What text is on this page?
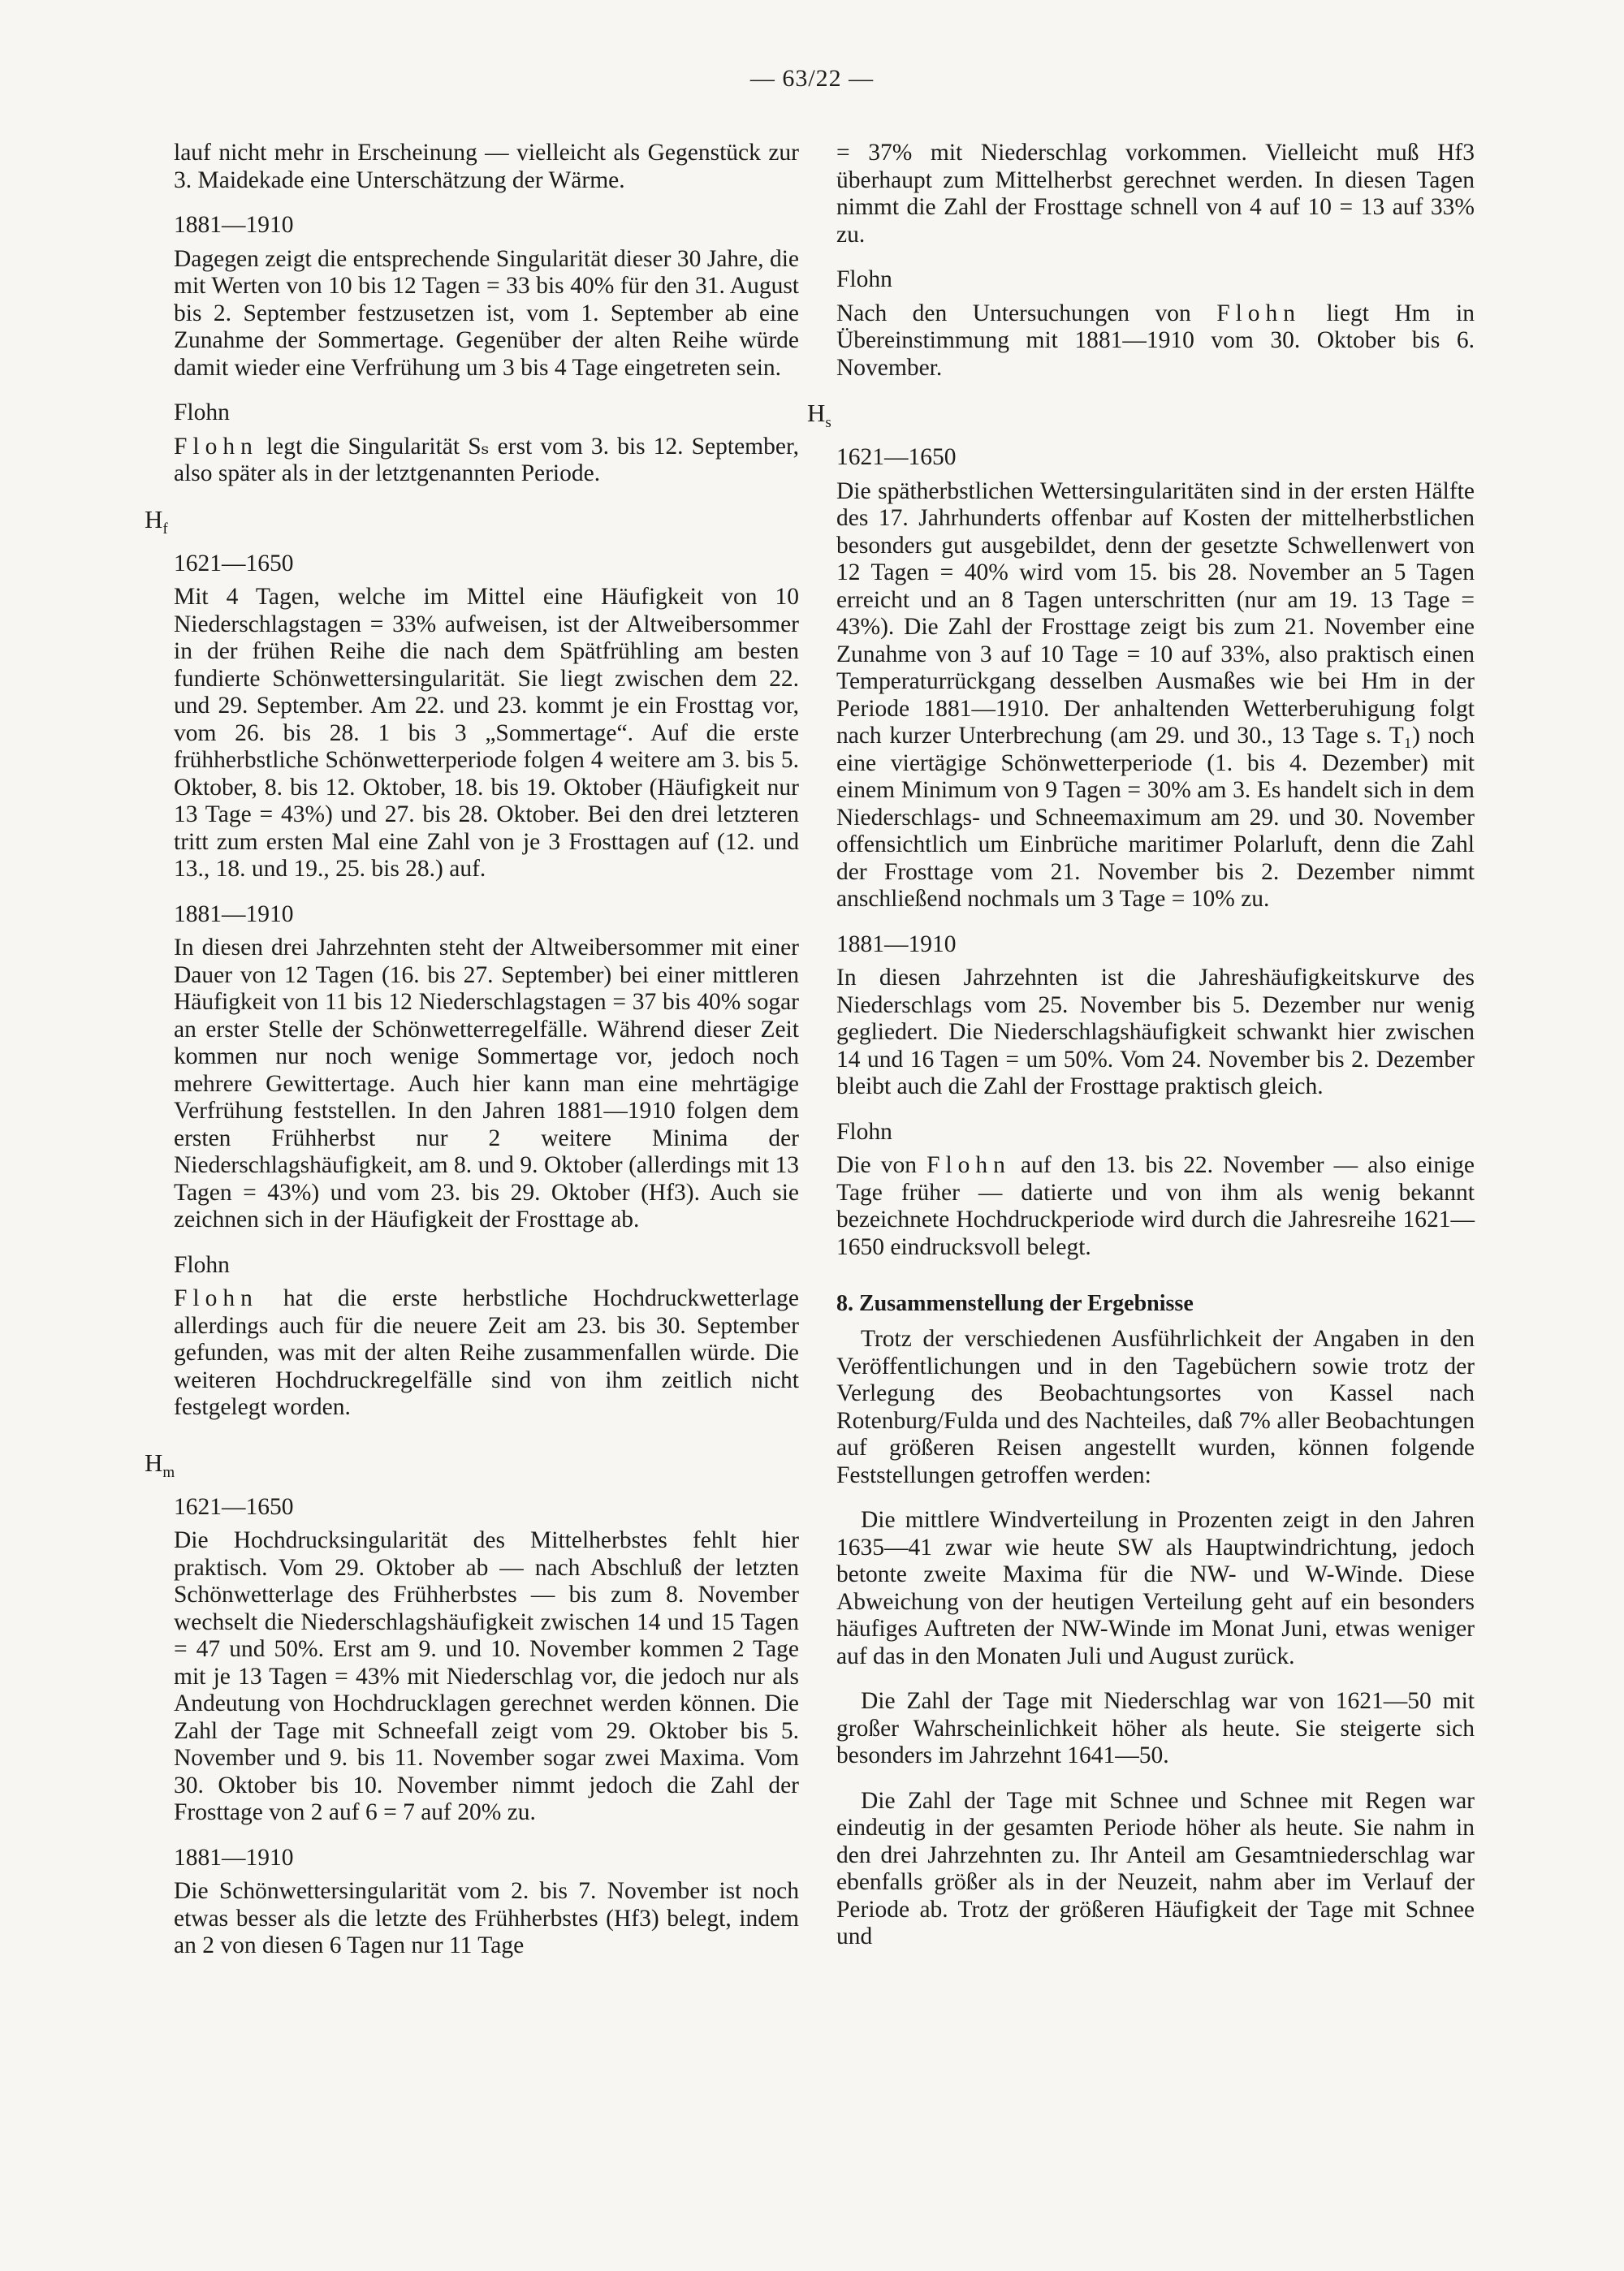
— 63/22 —

lauf nicht mehr in Erscheinung — vielleicht als Gegenstück zur 3. Maidekade eine Unterschätzung der Wärme.

1881—1910

Dagegen zeigt die entsprechende Singularität dieser 30 Jahre, die mit Werten von 10 bis 12 Tagen = 33 bis 40% für den 31. August bis 2. September festzusetzen ist, vom 1. September ab eine Zunahme der Sommertage. Gegenüber der alten Reihe würde damit wieder eine Verfrühung um 3 bis 4 Tage eingetreten sein.

Flohn

Flohn legt die Singularität Sₛ erst vom 3. bis 12. September, also später als in der letztgenannten Periode.

$H_f$
1621—1650

Mit 4 Tagen, welche im Mittel eine Häufigkeit von 10 Niederschlagstagen = 33% aufweisen, ist der Altweibersommer in der frühen Reihe die nach dem Spätfrühling am besten fundierte Schönwettersingularität. Sie liegt zwischen dem 22. und 29. September. Am 22. und 23. kommt je ein Frosttag vor, vom 26. bis 28. 1 bis 3 „Sommertage“. Auf die erste frühherbstliche Schönwetterperiode folgen 4 weitere am 3. bis 5. Oktober, 8. bis 12. Oktober, 18. bis 19. Oktober (Häufigkeit nur 13 Tage = 43%) und 27. bis 28. Oktober. Bei den drei letzteren tritt zum ersten Mal eine Zahl von je 3 Frosttagen auf (12. und 13., 18. und 19., 25. bis 28.) auf.

1881—1910

In diesen drei Jahrzehnten steht der Altweibersommer mit einer Dauer von 12 Tagen (16. bis 27. September) bei einer mittleren Häufigkeit von 11 bis 12 Niederschlagstagen = 37 bis 40% sogar an erster Stelle der Schönwetterregelfälle. Während dieser Zeit kommen nur noch wenige Sommertage vor, jedoch noch mehrere Gewittertage. Auch hier kann man eine mehrtägige Verfrühung feststellen. In den Jahren 1881—1910 folgen dem ersten Frühherbst nur 2 weitere Minima der Niederschlagshäufigkeit, am 8. und 9. Oktober (allerdings mit 13 Tagen = 43%) und vom 23. bis 29. Oktober (Hf3). Auch sie zeichnen sich in der Häufigkeit der Frosttage ab.

Flohn

Flohn hat die erste herbstliche Hochdruckwetterlage allerdings auch für die neuere Zeit am 23. bis 30. September gefunden, was mit der alten Reihe zusammenfallen würde. Die weiteren Hochdruckregelfälle sind von ihm zeitlich nicht festgelegt worden.

$H_m$
1621—1650

Die Hochdrucksingularität des Mittelherbstes fehlt hier praktisch. Vom 29. Oktober ab — nach Abschluß der letzten Schönwetterlage des Frühherbstes — bis zum 8. November wechselt die Niederschlagshäufigkeit zwischen 14 und 15 Tagen = 47 und 50%. Erst am 9. und 10. November kommen 2 Tage mit je 13 Tagen = 43% mit Niederschlag vor, die jedoch nur als Andeutung von Hochdrucklagen gerechnet werden können. Die Zahl der Tage mit Schneefall zeigt vom 29. Oktober bis 5. November und 9. bis 11. November sogar zwei Maxima. Vom 30. Oktober bis 10. November nimmt jedoch die Zahl der Frosttage von 2 auf 6 = 7 auf 20% zu.

1881—1910

Die Schönwettersingularität vom 2. bis 7. November ist noch etwas besser als die letzte des Frühherbstes (Hf3) belegt, indem an 2 von diesen 6 Tagen nur 11 Tage

= 37% mit Niederschlag vorkommen. Vielleicht muß Hf3 überhaupt zum Mittelherbst gerechnet werden. In diesen Tagen nimmt die Zahl der Frosttage schnell von 4 auf 10 = 13 auf 33% zu.

Flohn

Nach den Untersuchungen von Flohn liegt Hm in Übereinstimmung mit 1881—1910 vom 30. Oktober bis 6. November.

$H_s$
1621—1650

Die spätherbstlichen Wettersingularitäten sind in der ersten Hälfte des 17. Jahrhunderts offenbar auf Kosten der mittelherbstlichen besonders gut ausgebildet, denn der gesetzte Schwellenwert von 12 Tagen = 40% wird vom 15. bis 28. November an 5 Tagen erreicht und an 8 Tagen unterschritten (nur am 19. 13 Tage = 43%). Die Zahl der Frosttage zeigt bis zum 21. November eine Zunahme von 3 auf 10 Tage = 10 auf 33%, also praktisch einen Temperaturrückgang desselben Ausmaßes wie bei Hm in der Periode 1881—1910. Der anhaltenden Wetterberuhigung folgt nach kurzer Unterbrechung (am 29. und 30., 13 Tage s. T₁) noch eine viertägige Schönwetterperiode (1. bis 4. Dezember) mit einem Minimum von 9 Tagen = 30% am 3. Es handelt sich in dem Niederschlags- und Schneemaximum am 29. und 30. November offensichtlich um Einbrüche maritimer Polarluft, denn die Zahl der Frosttage vom 21. November bis 2. Dezember nimmt anschließend nochmals um 3 Tage = 10% zu.

1881—1910

In diesen Jahrzehnten ist die Jahreshäufigkeitskurve des Niederschlags vom 25. November bis 5. Dezember nur wenig gegliedert. Die Niederschlagshäufigkeit schwankt hier zwischen 14 und 16 Tagen = um 50%. Vom 24. November bis 2. Dezember bleibt auch die Zahl der Frosttage praktisch gleich.

Flohn

Die von Flohn auf den 13. bis 22. November — also einige Tage früher — datierte und von ihm als wenig bekannt bezeichnete Hochdruckperiode wird durch die Jahresreihe 1621—1650 eindrucksvoll belegt.

8. Zusammenstellung der Ergebnisse

Trotz der verschiedenen Ausführlichkeit der Angaben in den Veröffentlichungen und in den Tagebüchern sowie trotz der Verlegung des Beobachtungsortes von Kassel nach Rotenburg/Fulda und des Nachteiles, daß 7% aller Beobachtungen auf größeren Reisen angestellt wurden, können folgende Feststellungen getroffen werden:

Die mittlere Windverteilung in Prozenten zeigt in den Jahren 1635—41 zwar wie heute SW als Hauptwindrichtung, jedoch betonte zweite Maxima für die NW- und W-Winde. Diese Abweichung von der heutigen Verteilung geht auf ein besonders häufiges Auftreten der NW-Winde im Monat Juni, etwas weniger auf das in den Monaten Juli und August zurück.

Die Zahl der Tage mit Niederschlag war von 1621—50 mit großer Wahrscheinlichkeit höher als heute. Sie steigerte sich besonders im Jahrzehnt 1641—50.

Die Zahl der Tage mit Schnee und Schnee mit Regen war eindeutig in der gesamten Periode höher als heute. Sie nahm in den drei Jahrzehnten zu. Ihr Anteil am Gesamtniederschlag war ebenfalls größer als in der Neuzeit, nahm aber im Verlauf der Periode ab. Trotz der größeren Häufigkeit der Tage mit Schnee und
